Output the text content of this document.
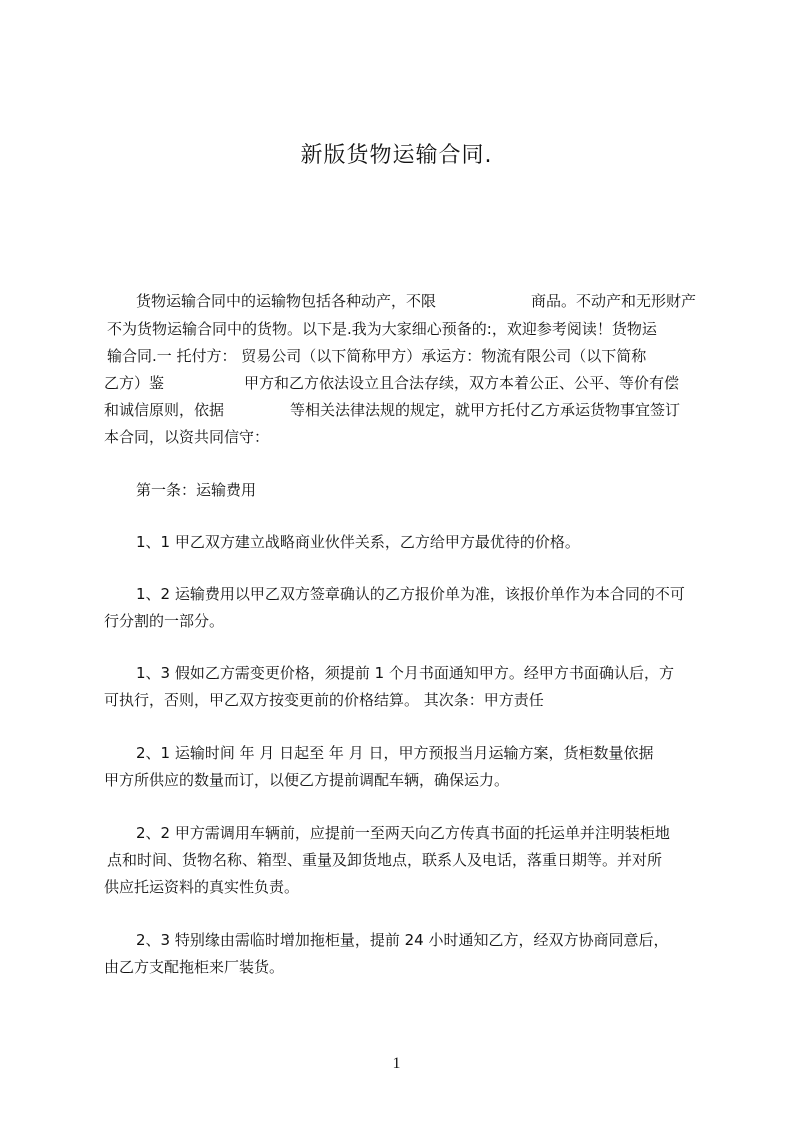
新版货物运输合同.
货物运输合同中的运输物包括各种动产，不限	商品。不动产和无形财产
不为货物运输合同中的货物。以下是.我为大家细心预备的:，欢迎参考阅读！货物运
输合同.一 托付方： 贸易公司（以下简称甲方）承运方：物流有限公司（以下简称
乙方）鉴	甲方和乙方依法设立且合法存续，双方本着公正、公平、等价有偿
和诚信原则，依据	等相关法律法规的规定，就甲方托付乙方承运货物事宜签订
本合同，以资共同信守：
第一条：运输费用
1、1 甲乙双方建立战略商业伙伴关系，乙方给甲方最优待的价格。
1、2 运输费用以甲乙双方签章确认的乙方报价单为准，该报价单作为本合同的不可
行分割的一部分。
1、3 假如乙方需变更价格，须提前 1 个月书面通知甲方。经甲方书面确认后，方
可执行，否则，甲乙双方按变更前的价格结算。 其次条：甲方责任
2、1 运输时间 年 月 日起至 年 月 日，甲方预报当月运输方案，货柜数量依据
甲方所供应的数量而订，以便乙方提前调配车辆，确保运力。
2、2 甲方需调用车辆前，应提前一至两天向乙方传真书面的托运单并注明装柜地
点和时间、货物名称、箱型、重量及卸货地点，联系人及电话，落重日期等。并对所
供应托运资料的真实性负责。
2、3 特别缘由需临时增加拖柜量，提前 24 小时通知乙方，经双方协商同意后，
由乙方支配拖柜来厂装货。
1
